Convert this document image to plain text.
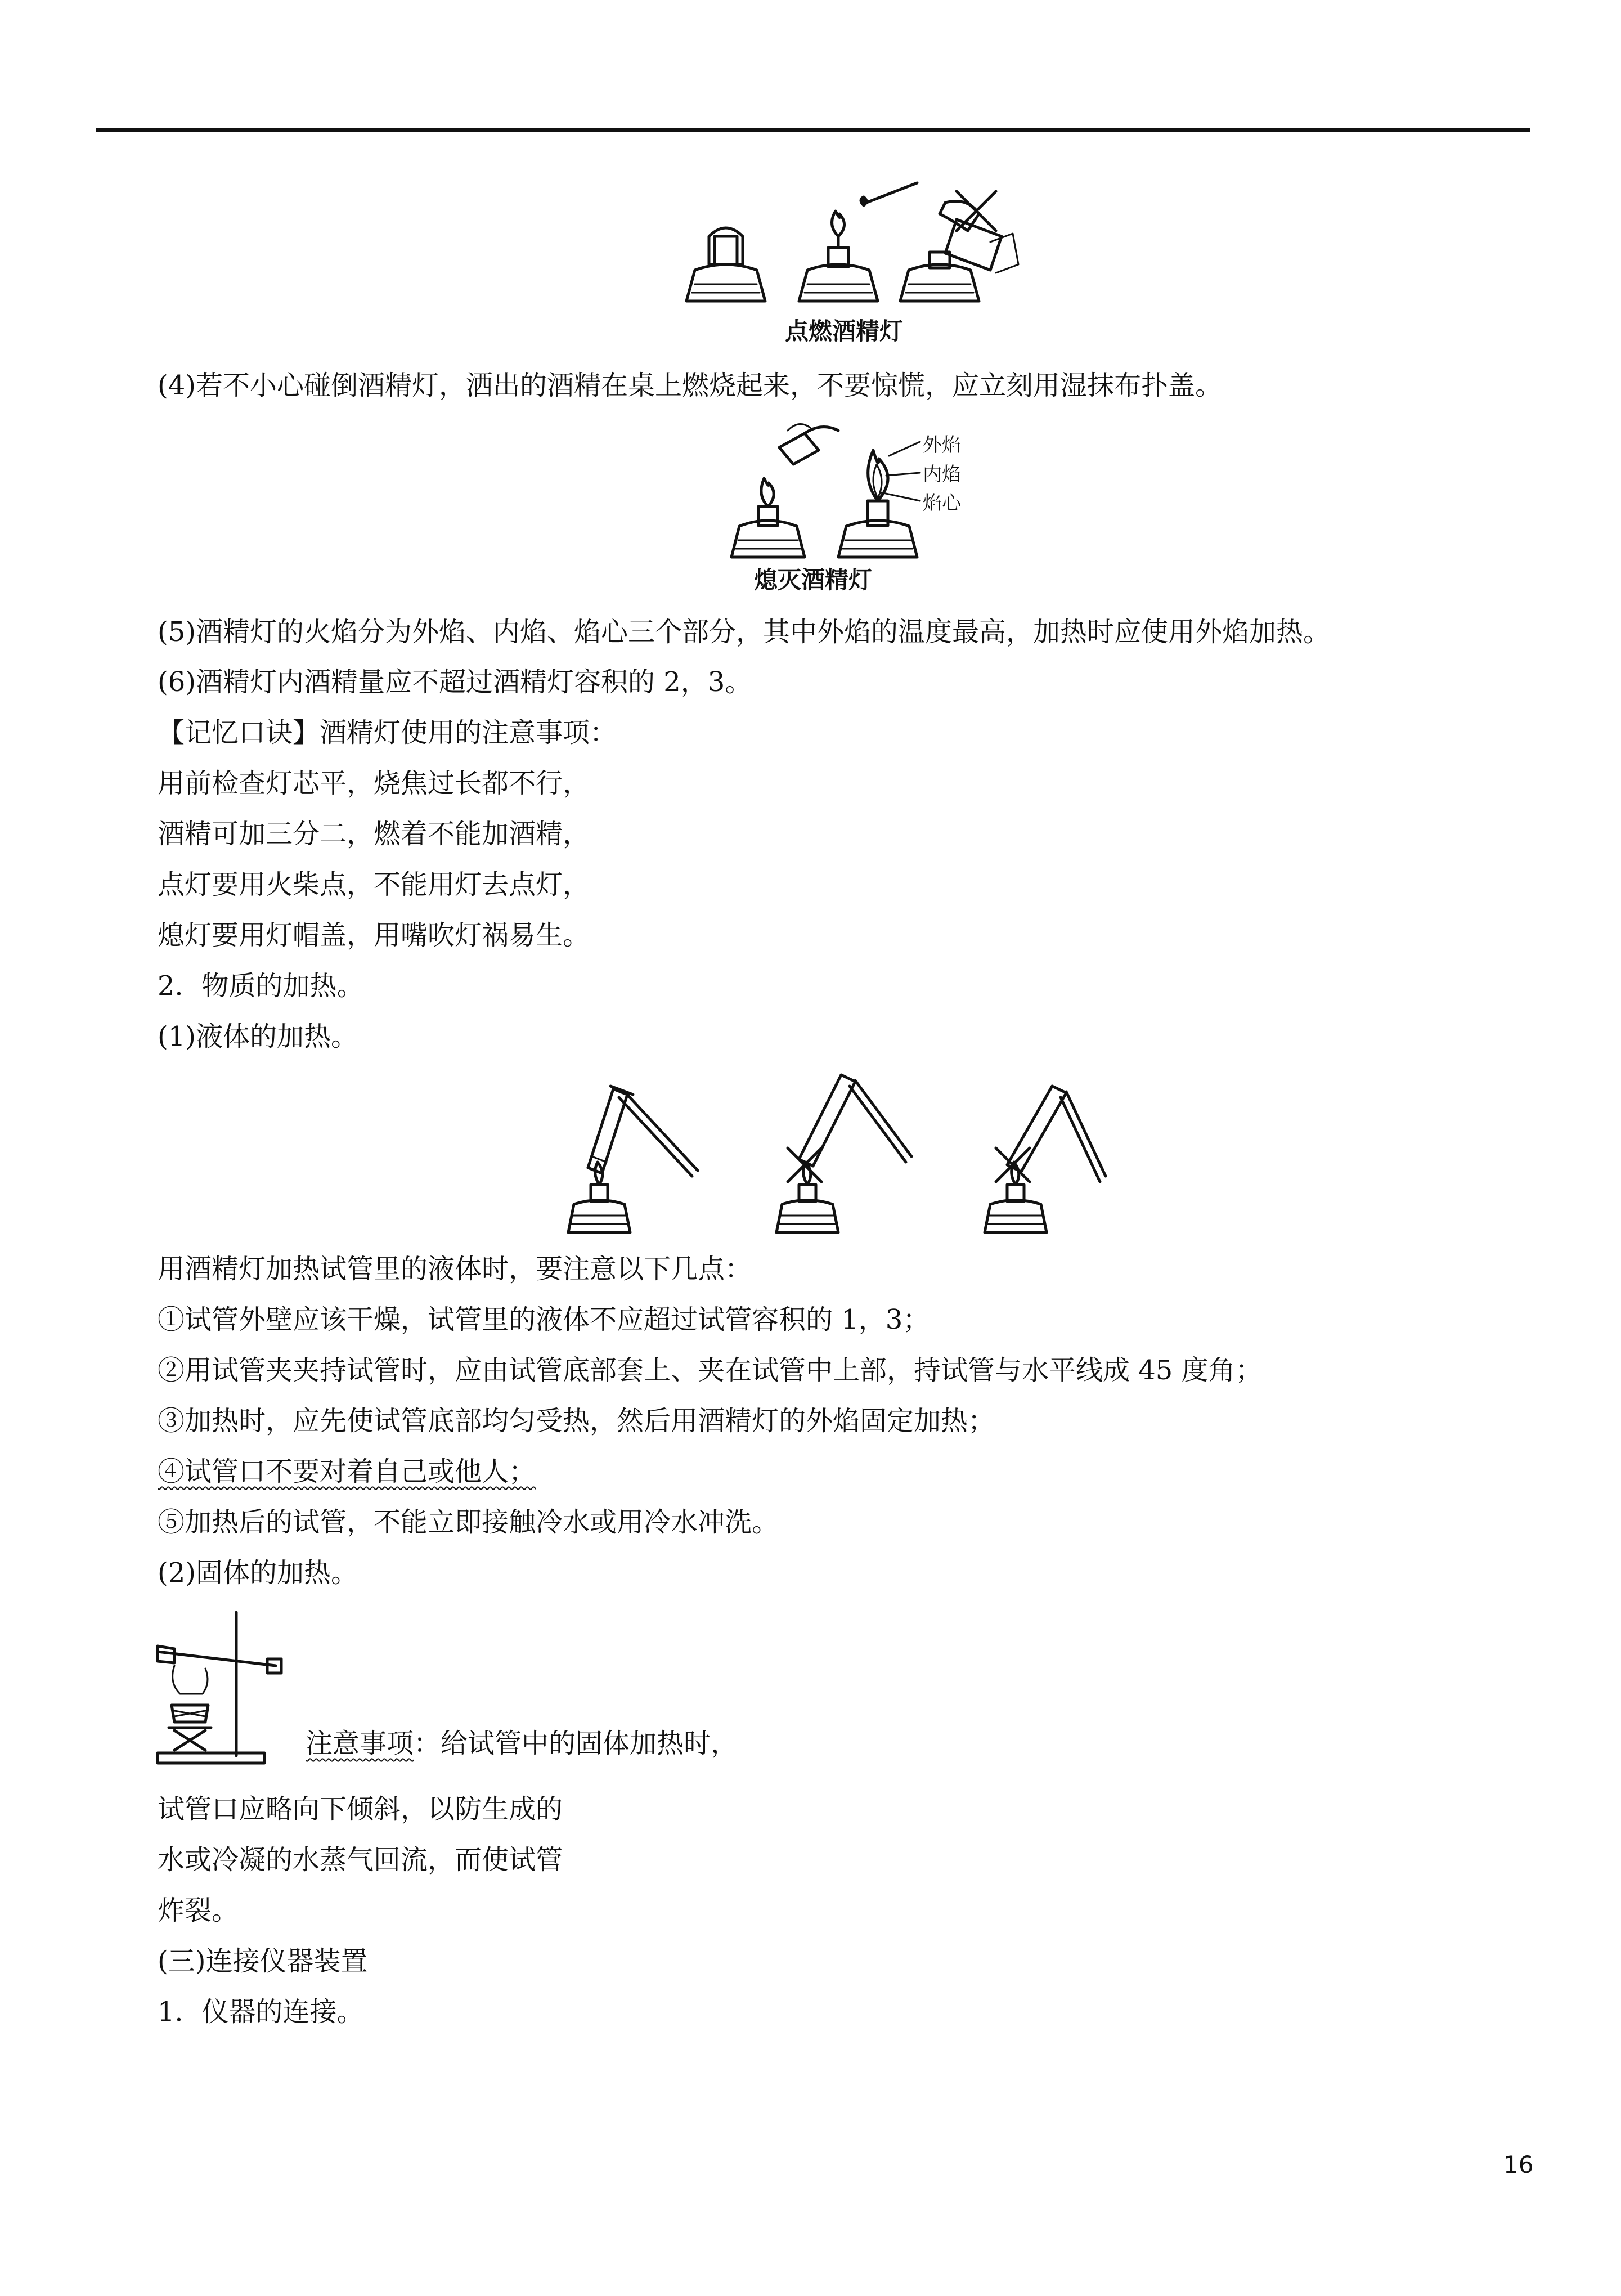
点燃酒精灯
(4)若不小心碰倒酒精灯，洒出的酒精在桌上燃烧起来，不要惊慌，应立刻用湿抹布扑盖。
外焰
内焰
焰心
熄灭酒精灯
(5)酒精灯的火焰分为外焰、内焰、焰心三个部分，其中外焰的温度最高，加热时应使用外焰加热。
(6)酒精灯内酒精量应不超过酒精灯容积的 2，3。
【记忆口诀】酒精灯使用的注意事项：
用前检查灯芯平，烧焦过长都不行，
酒精可加三分二，燃着不能加酒精，
点灯要用火柴点，不能用灯去点灯，
熄灯要用灯帽盖，用嘴吹灯祸易生。
2．物质的加热。
(1)液体的加热。
用酒精灯加热试管里的液体时，要注意以下几点：
①试管外壁应该干燥，试管里的液体不应超过试管容积的 1，3；
②用试管夹夹持试管时，应由试管底部套上、夹在试管中上部，持试管与水平线成 45 度角；
③加热时，应先使试管底部均匀受热，然后用酒精灯的外焰固定加热；
④试管口不要对着自己或他人；
⑤加热后的试管，不能立即接触冷水或用冷水冲洗。
(2)固体的加热。
注意事项：给试管中的固体加热时，
试管口应略向下倾斜，以防生成的
水或冷凝的水蒸气回流，而使试管
炸裂。
(三)连接仪器装置
1．仪器的连接。
16
